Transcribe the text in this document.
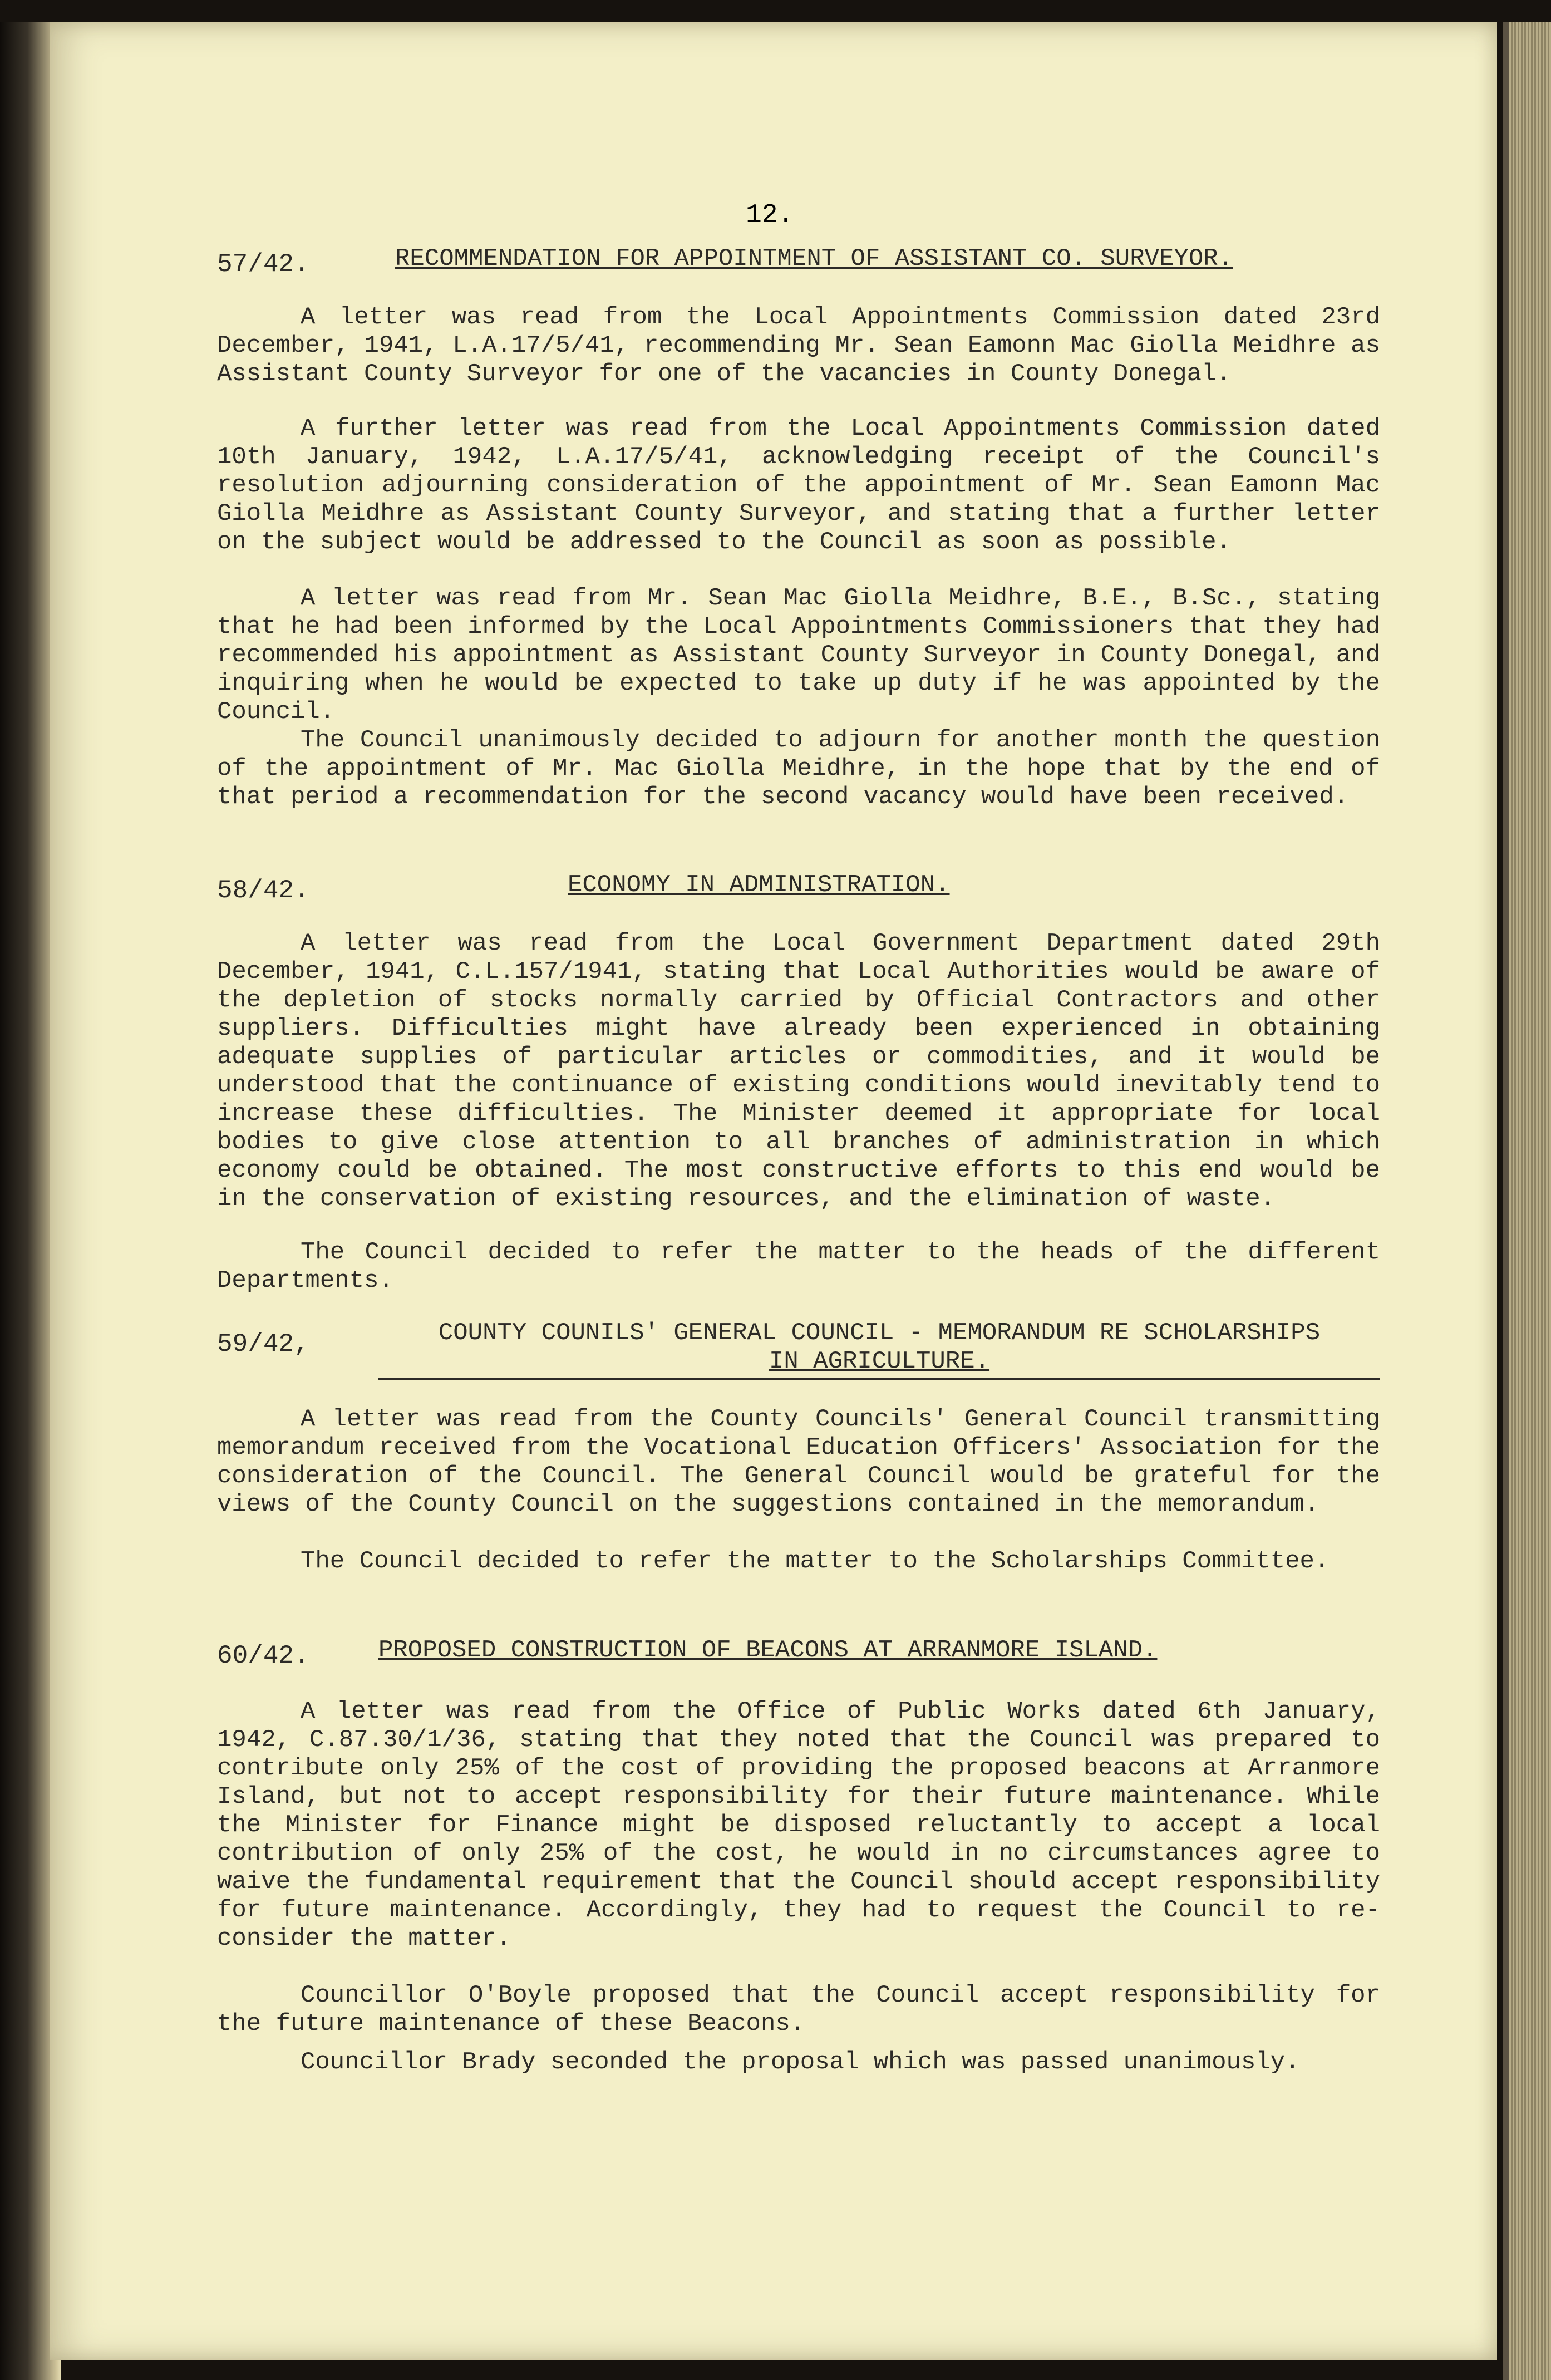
12.
57/42.	RECOMMENDATION FOR APPOINTMENT OF ASSISTANT CO. SURVEYOR.

A letter was read from the Local Appointments Commission dated 23rd December, 1941, L.A.17/5/41, recommending Mr. Sean Eamonn Mac Giolla Meidhre as Assistant County Surveyor for one of the vacancies in County Donegal.

A further letter was read from the Local Appointments Commission dated 10th January, 1942, L.A.17/5/41, acknowledging receipt of the Council's resolution adjourning consideration of the appointment of Mr. Sean Eamonn Mac Giolla Meidhre as Assistant County Surveyor, and stating that a further letter on the subject would be addressed to the Council as soon as possible.

A letter was read from Mr. Sean Mac Giolla Meidhre, B.E., B.Sc., stating that he had been informed by the Local Appointments Commissioners that they had recommended his appointment as Assistant County Surveyor in County Donegal, and inquiring when he would be expected to take up duty if he was appointed by the Council.

The Council unanimously decided to adjourn for another month the question of the appointment of Mr. Mac Giolla Meidhre, in the hope that by the end of that period a recommendation for the second vacancy would have been received.

58/42.	ECONOMY IN ADMINISTRATION.

A letter was read from the Local Government Department dated 29th December, 1941, C.L.157/1941, stating that Local Authorities would be aware of the depletion of stocks normally carried by Official Contractors and other suppliers. Difficulties might have already been experienced in obtaining adequate supplies of particular articles or commodities, and it would be understood that the continuance of existing conditions would inevitably tend to increase these difficulties. The Minister deemed it appropriate for local bodies to give close attention to all branches of administration in which economy could be obtained. The most constructive efforts to this end would be in the conservation of existing resources, and the elimination of waste.

The Council decided to refer the matter to the heads of the different Departments.

59/42,	COUNTY COUNILS' GENERAL COUNCIL - MEMORANDUM RE SCHOLARSHIPS
IN AGRICULTURE.

A letter was read from the County Councils' General Council transmitting memorandum received from the Vocational Education Officers' Association for the consideration of the Council. The General Council would be grateful for the views of the County Council on the suggestions contained in the memorandum.

The Council decided to refer the matter to the Scholarships Committee.

60/42.	PROPOSED CONSTRUCTION OF BEACONS AT ARRANMORE ISLAND.

A letter was read from the Office of Public Works dated 6th January, 1942, C.87.30/1/36, stating that they noted that the Council was prepared to contribute only 25% of the cost of providing the proposed beacons at Arranmore Island, but not to accept responsibility for their future maintenance. While the Minister for Finance might be disposed reluctantly to accept a local contribution of only 25% of the cost, he would in no circumstances agree to waive the fundamental requirement that the Council should accept responsibility for future maintenance. Accordingly, they had to request the Council to re-consider the matter.

Councillor O'Boyle proposed that the Council accept responsibility for the future maintenance of these Beacons.

Councillor Brady seconded the proposal which was passed unanimously.
